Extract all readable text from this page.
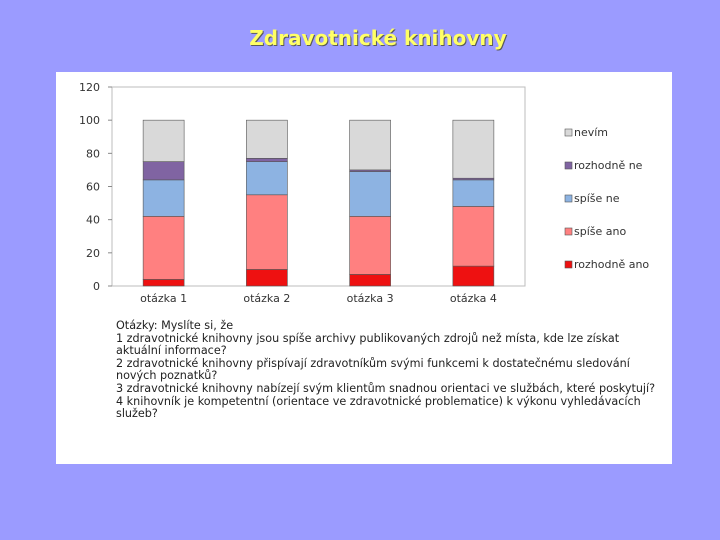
Zdravotnické knihovny
0
20
40
60
80
100
120
otázka 1	otázka 2	otázka 3	otázka 4
nevím
rozhodně ne
spíše ne
spíše ano
rozhodně ano
Otázky: Myslíte si, že
1 zdravotnické knihovny jsou spíše archivy publikovaných zdrojů než místa, kde lze získat aktuální informace?
2 zdravotnické knihovny přispívají zdravotníkům svými funkcemi k dostatečnému sledování nových poznatků?
3 zdravotnické knihovny nabízejí svým klientům snadnou orientaci ve službách, které poskytují?
4 knihovník je kompetentní (orientace ve zdravotnické problematice) k výkonu vyhledávacích služeb?
